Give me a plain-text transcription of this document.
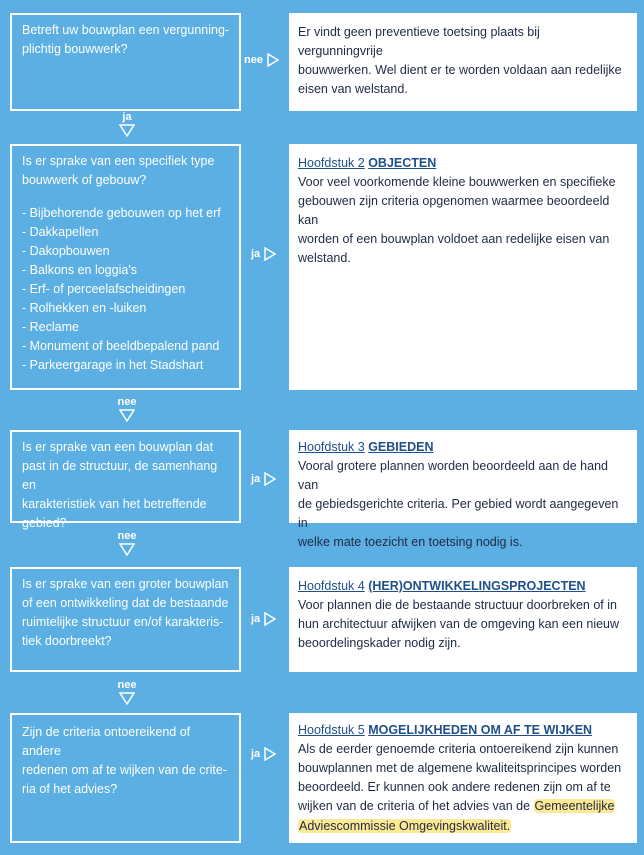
Betreft uw bouwplan een vergunning-
plichtig bouwwerk?
nee
Er vindt geen preventieve toetsing plaats bij vergunningvrije
bouwwerken. Wel dient er te worden voldaan aan redelijke
eisen van welstand.
ja
Is er sprake van een specifiek type
bouwwerk of gebouw?
- Bijbehorende gebouwen op het erf
- Dakkapellen
- Dakopbouwen
- Balkons en loggia's
- Erf- of perceelafscheidingen
- Rolhekken en -luiken
- Reclame
- Monument of beeldbepalend pand
- Parkeergarage in het Stadshart
ja
Hoofdstuk 2 OBJECTEN
Voor veel voorkomende kleine bouwwerken en specifieke
gebouwen zijn criteria opgenomen waarmee beoordeeld kan
worden of een bouwplan voldoet aan redelijke eisen van
welstand.
nee
Is er sprake van een bouwplan dat
past in de structuur, de samenhang en
karakteristiek van het betreffende
gebied?
ja
Hoofdstuk 3 GEBIEDEN
Vooral grotere plannen worden beoordeeld aan de hand van
de gebiedsgerichte criteria. Per gebied wordt aangegeven in
welke mate toezicht en toetsing nodig is.
nee
Is er sprake van een groter bouwplan
of een ontwikkeling dat de bestaande
ruimtelijke structuur en/of karakteris-
tiek doorbreekt?
ja
Hoofdstuk 4 (HER)ONTWIKKELINGSPROJECTEN
Voor plannen die de bestaande structuur doorbreken of in
hun architectuur afwijken van de omgeving kan een nieuw
beoordelingskader nodig zijn.
nee
Zijn de criteria ontoereikend of andere
redenen om af te wijken van de crite-
ria of het advies?
ja
Hoofdstuk 5 MOGELIJKHEDEN OM AF TE WIJKEN
Als de eerder genoemde criteria ontoereikend zijn kunnen
bouwplannen met de algemene kwaliteitsprincipes worden
beoordeeld. Er kunnen ook andere redenen zijn om af te
wijken van de criteria of het advies van de Gemeentelijke
Adviescommissie Omgevingskwaliteit.
